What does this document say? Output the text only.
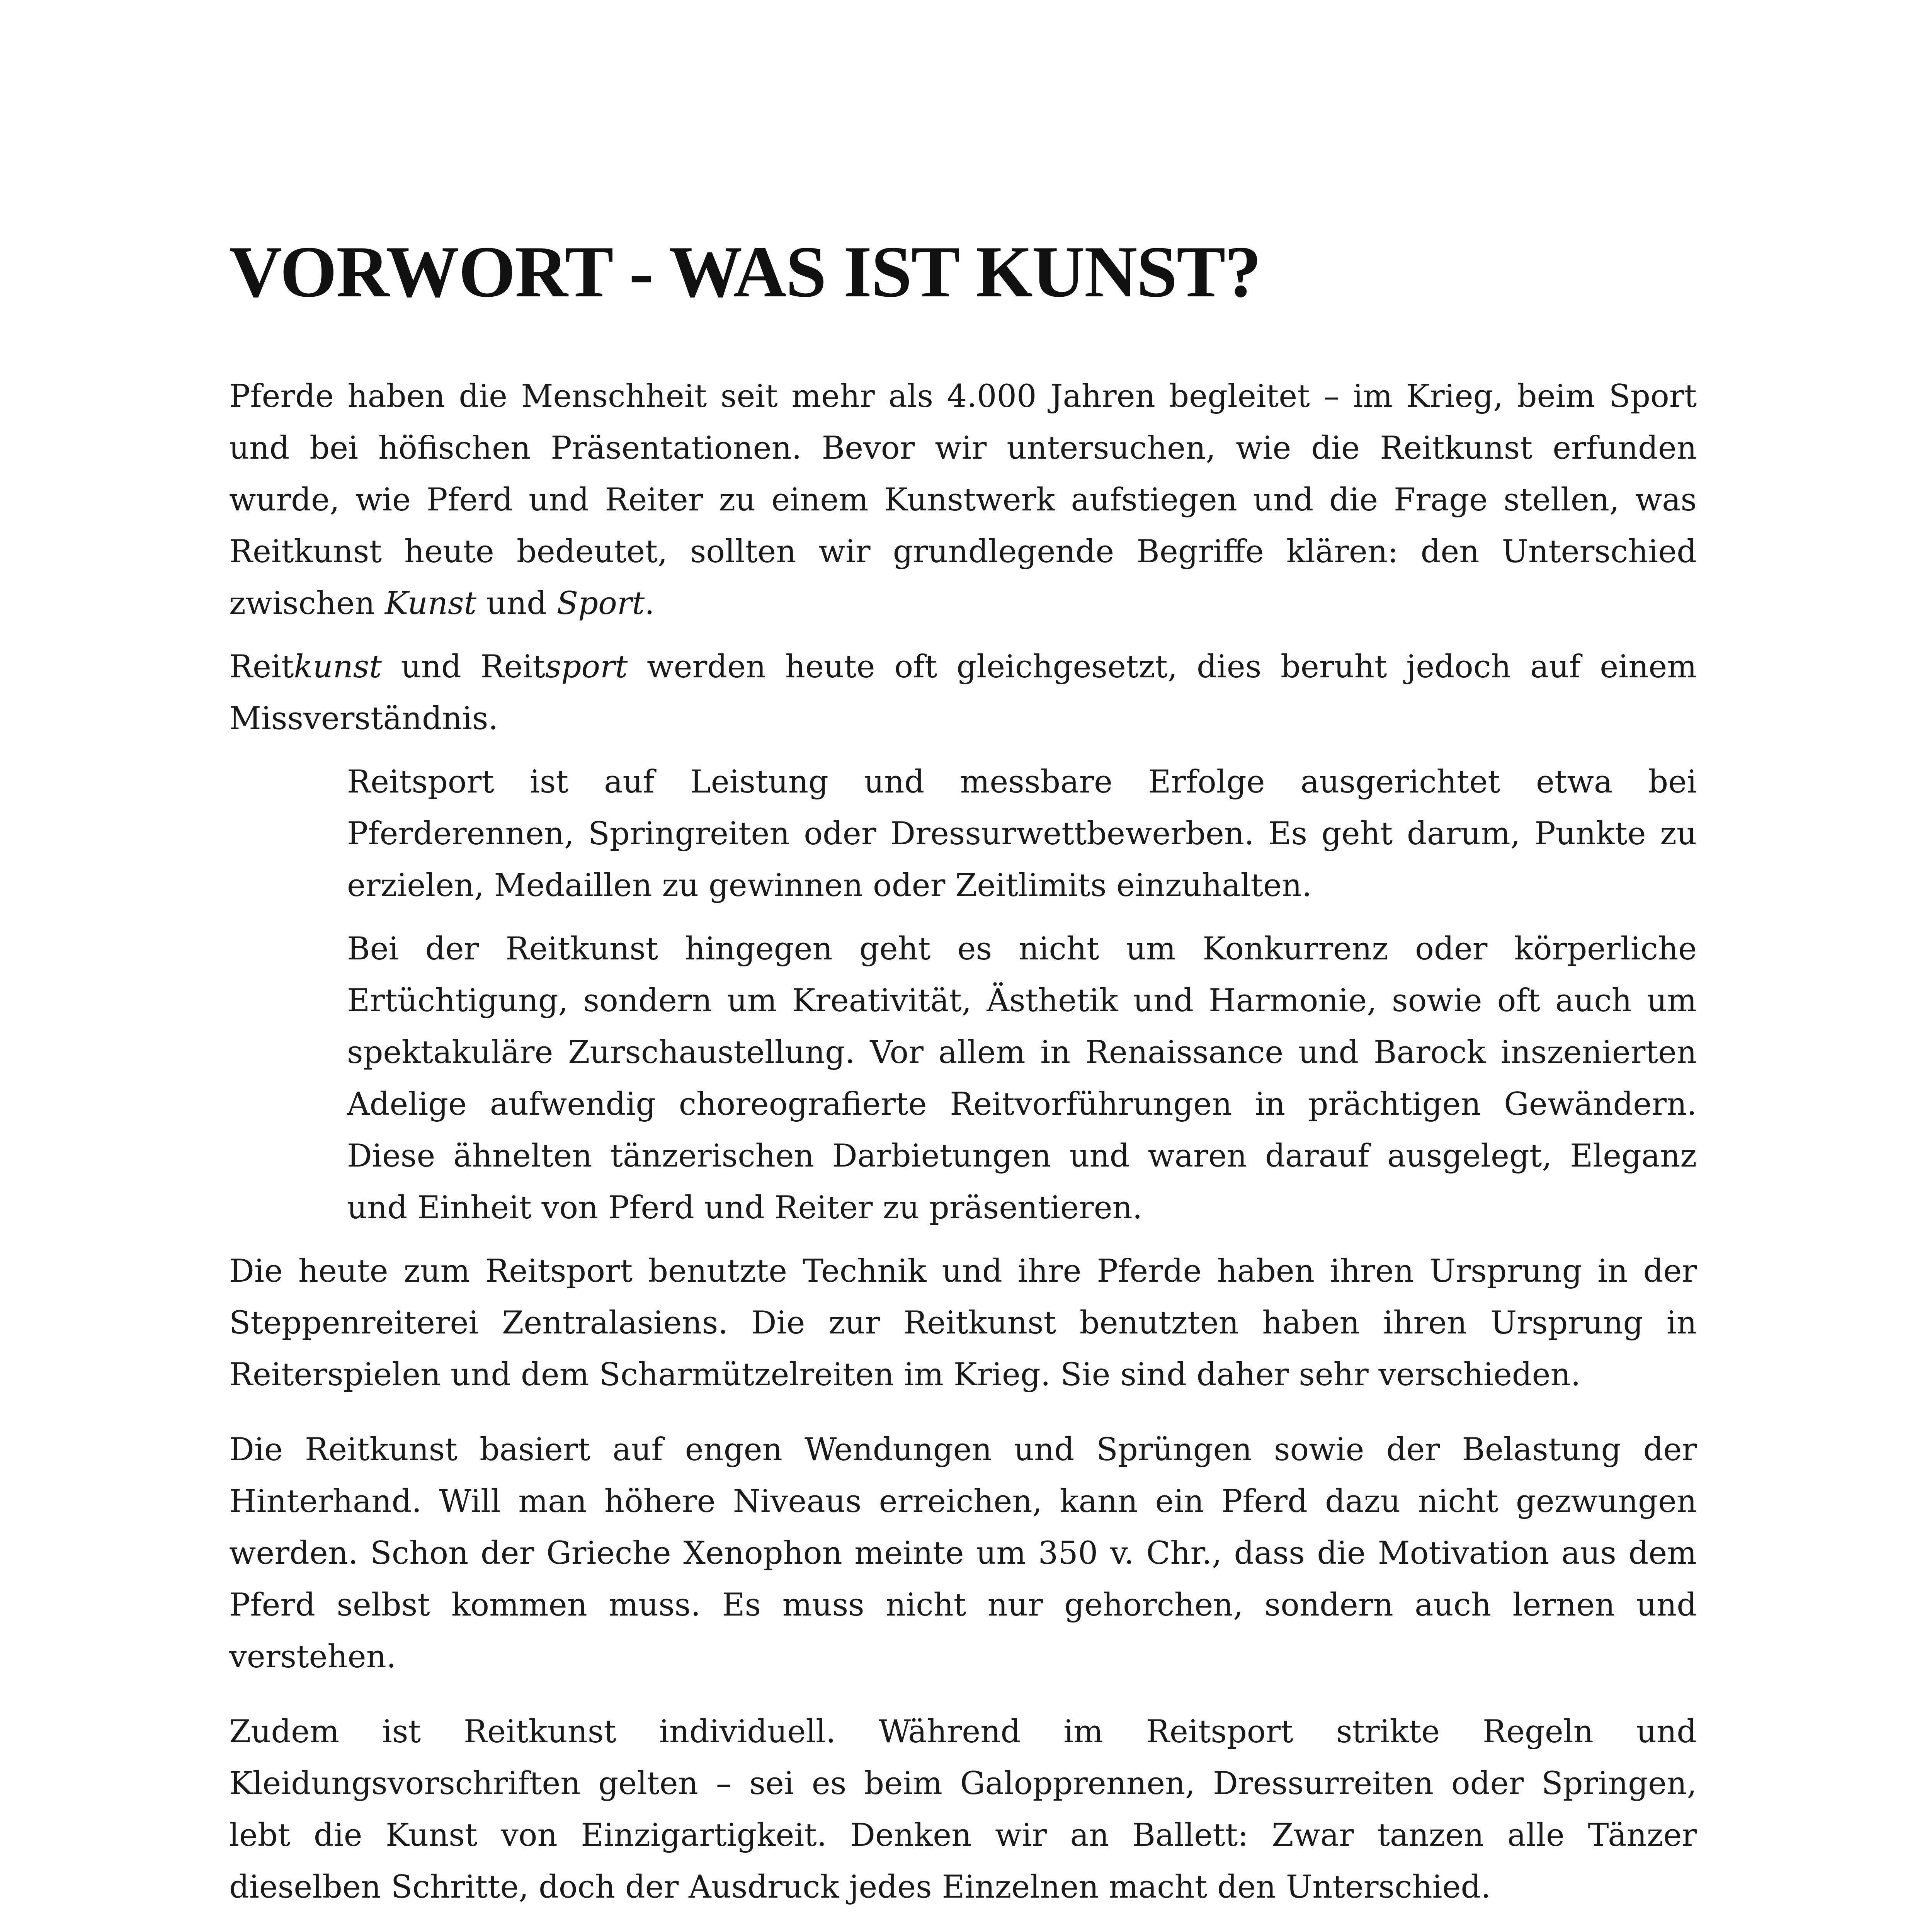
VORWORT - WAS IST KUNST?

Pferde haben die Menschheit seit mehr als 4.000 Jahren begleitet – im Krieg, beim Sport und bei höfischen Präsentationen. Bevor wir untersuchen, wie die Reitkunst erfunden wurde, wie Pferd und Reiter zu einem Kunstwerk aufstiegen und die Frage stellen, was Reitkunst heute bedeutet, sollten wir grundlegende Begriffe klären: den Unterschied zwischen Kunst und Sport.

Reitkunst und Reitsport werden heute oft gleichgesetzt, dies beruht jedoch auf einem Missverständnis.

Reitsport ist auf Leistung und messbare Erfolge ausgerichtet etwa bei Pferderennen, Springreiten oder Dressurwettbewerben. Es geht darum, Punkte zu erzielen, Medaillen zu gewinnen oder Zeitlimits einzuhalten.

Bei der Reitkunst hingegen geht es nicht um Konkurrenz oder körperliche Ertüchtigung, sondern um Kreativität, Ästhetik und Harmonie, sowie oft auch um spektakuläre Zurschaustellung. Vor allem in Renaissance und Barock inszenierten Adelige aufwendig choreografierte Reitvorführungen in prächtigen Gewändern. Diese ähnelten tänzerischen Darbietungen und waren darauf ausgelegt, Eleganz und Einheit von Pferd und Reiter zu präsentieren.

Die heute zum Reitsport benutzte Technik und ihre Pferde haben ihren Ursprung in der Steppenreiterei Zentralasiens. Die zur Reitkunst benutzten haben ihren Ursprung in Reiterspielen und dem Scharmützelreiten im Krieg. Sie sind daher sehr verschieden.

Die Reitkunst basiert auf engen Wendungen und Sprüngen sowie der Belastung der Hinterhand. Will man höhere Niveaus erreichen, kann ein Pferd dazu nicht gezwungen werden. Schon der Grieche Xenophon meinte um 350 v. Chr., dass die Motivation aus dem Pferd selbst kommen muss. Es muss nicht nur gehorchen, sondern auch lernen und verstehen.

Zudem ist Reitkunst individuell. Während im Reitsport strikte Regeln und Kleidungsvorschriften gelten – sei es beim Galopprennen, Dressurreiten oder Springen, lebt die Kunst von Einzigartigkeit. Denken wir an Ballett: Zwar tanzen alle Tänzer dieselben Schritte, doch der Ausdruck jedes Einzelnen macht den Unterschied.
